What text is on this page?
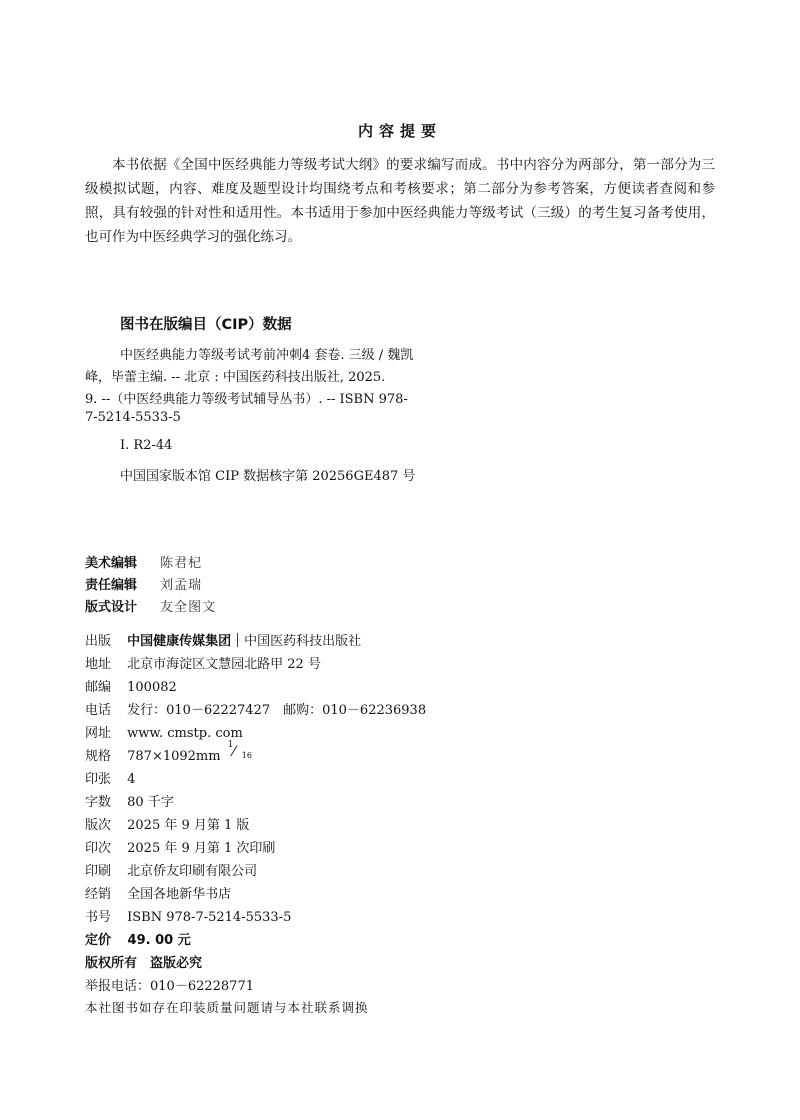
内容提要
本书依据《全国中医经典能力等级考试大纲》的要求编写而成。书中内容分为两部分，第一部分为三级模拟试题，内容、难度及题型设计均围绕考点和考核要求；第二部分为参考答案，方便读者查阅和参照，具有较强的针对性和适用性。本书适用于参加中医经典能力等级考试（三级）的考生复习备考使用，也可作为中医经典学习的强化练习。
图书在版编目（CIP）数据
中医经典能力等级考试考前冲刺4 套卷. 三级 / 魏凯
峰，毕蕾主编. -- 北京 : 中国医药科技出版社, 2025.
9. --（中医经典能力等级考试辅导丛书）. -- ISBN 978-
7-5214-5533-5
Ⅰ. R2-44
中国国家版本馆 CIP 数据核字第 20256GE487 号
美术编辑 陈君杞
责任编辑 刘孟瑞
版式设计 友全图文
出版 中国健康传媒集团 中国医药科技出版社
地址 北京市海淀区文慧园北路甲 22 号
邮编 100082
电话 发行：010－62227427　邮购：010－62236938
网址 www. cmstp. com
规格 787×1092mm
1 ⁄ 16
印张 4
字数 80 千字
版次 2025 年 9 月第 1 版
印次 2025 年 9 月第 1 次印刷
印刷 北京侨友印刷有限公司
经销 全国各地新华书店
书号 ISBN 978-7-5214-5533-5
定价 49. 00 元
版权所有　盗版必究
举报电话：010－62228771
本社图书如存在印装质量问题请与本社联系调换
